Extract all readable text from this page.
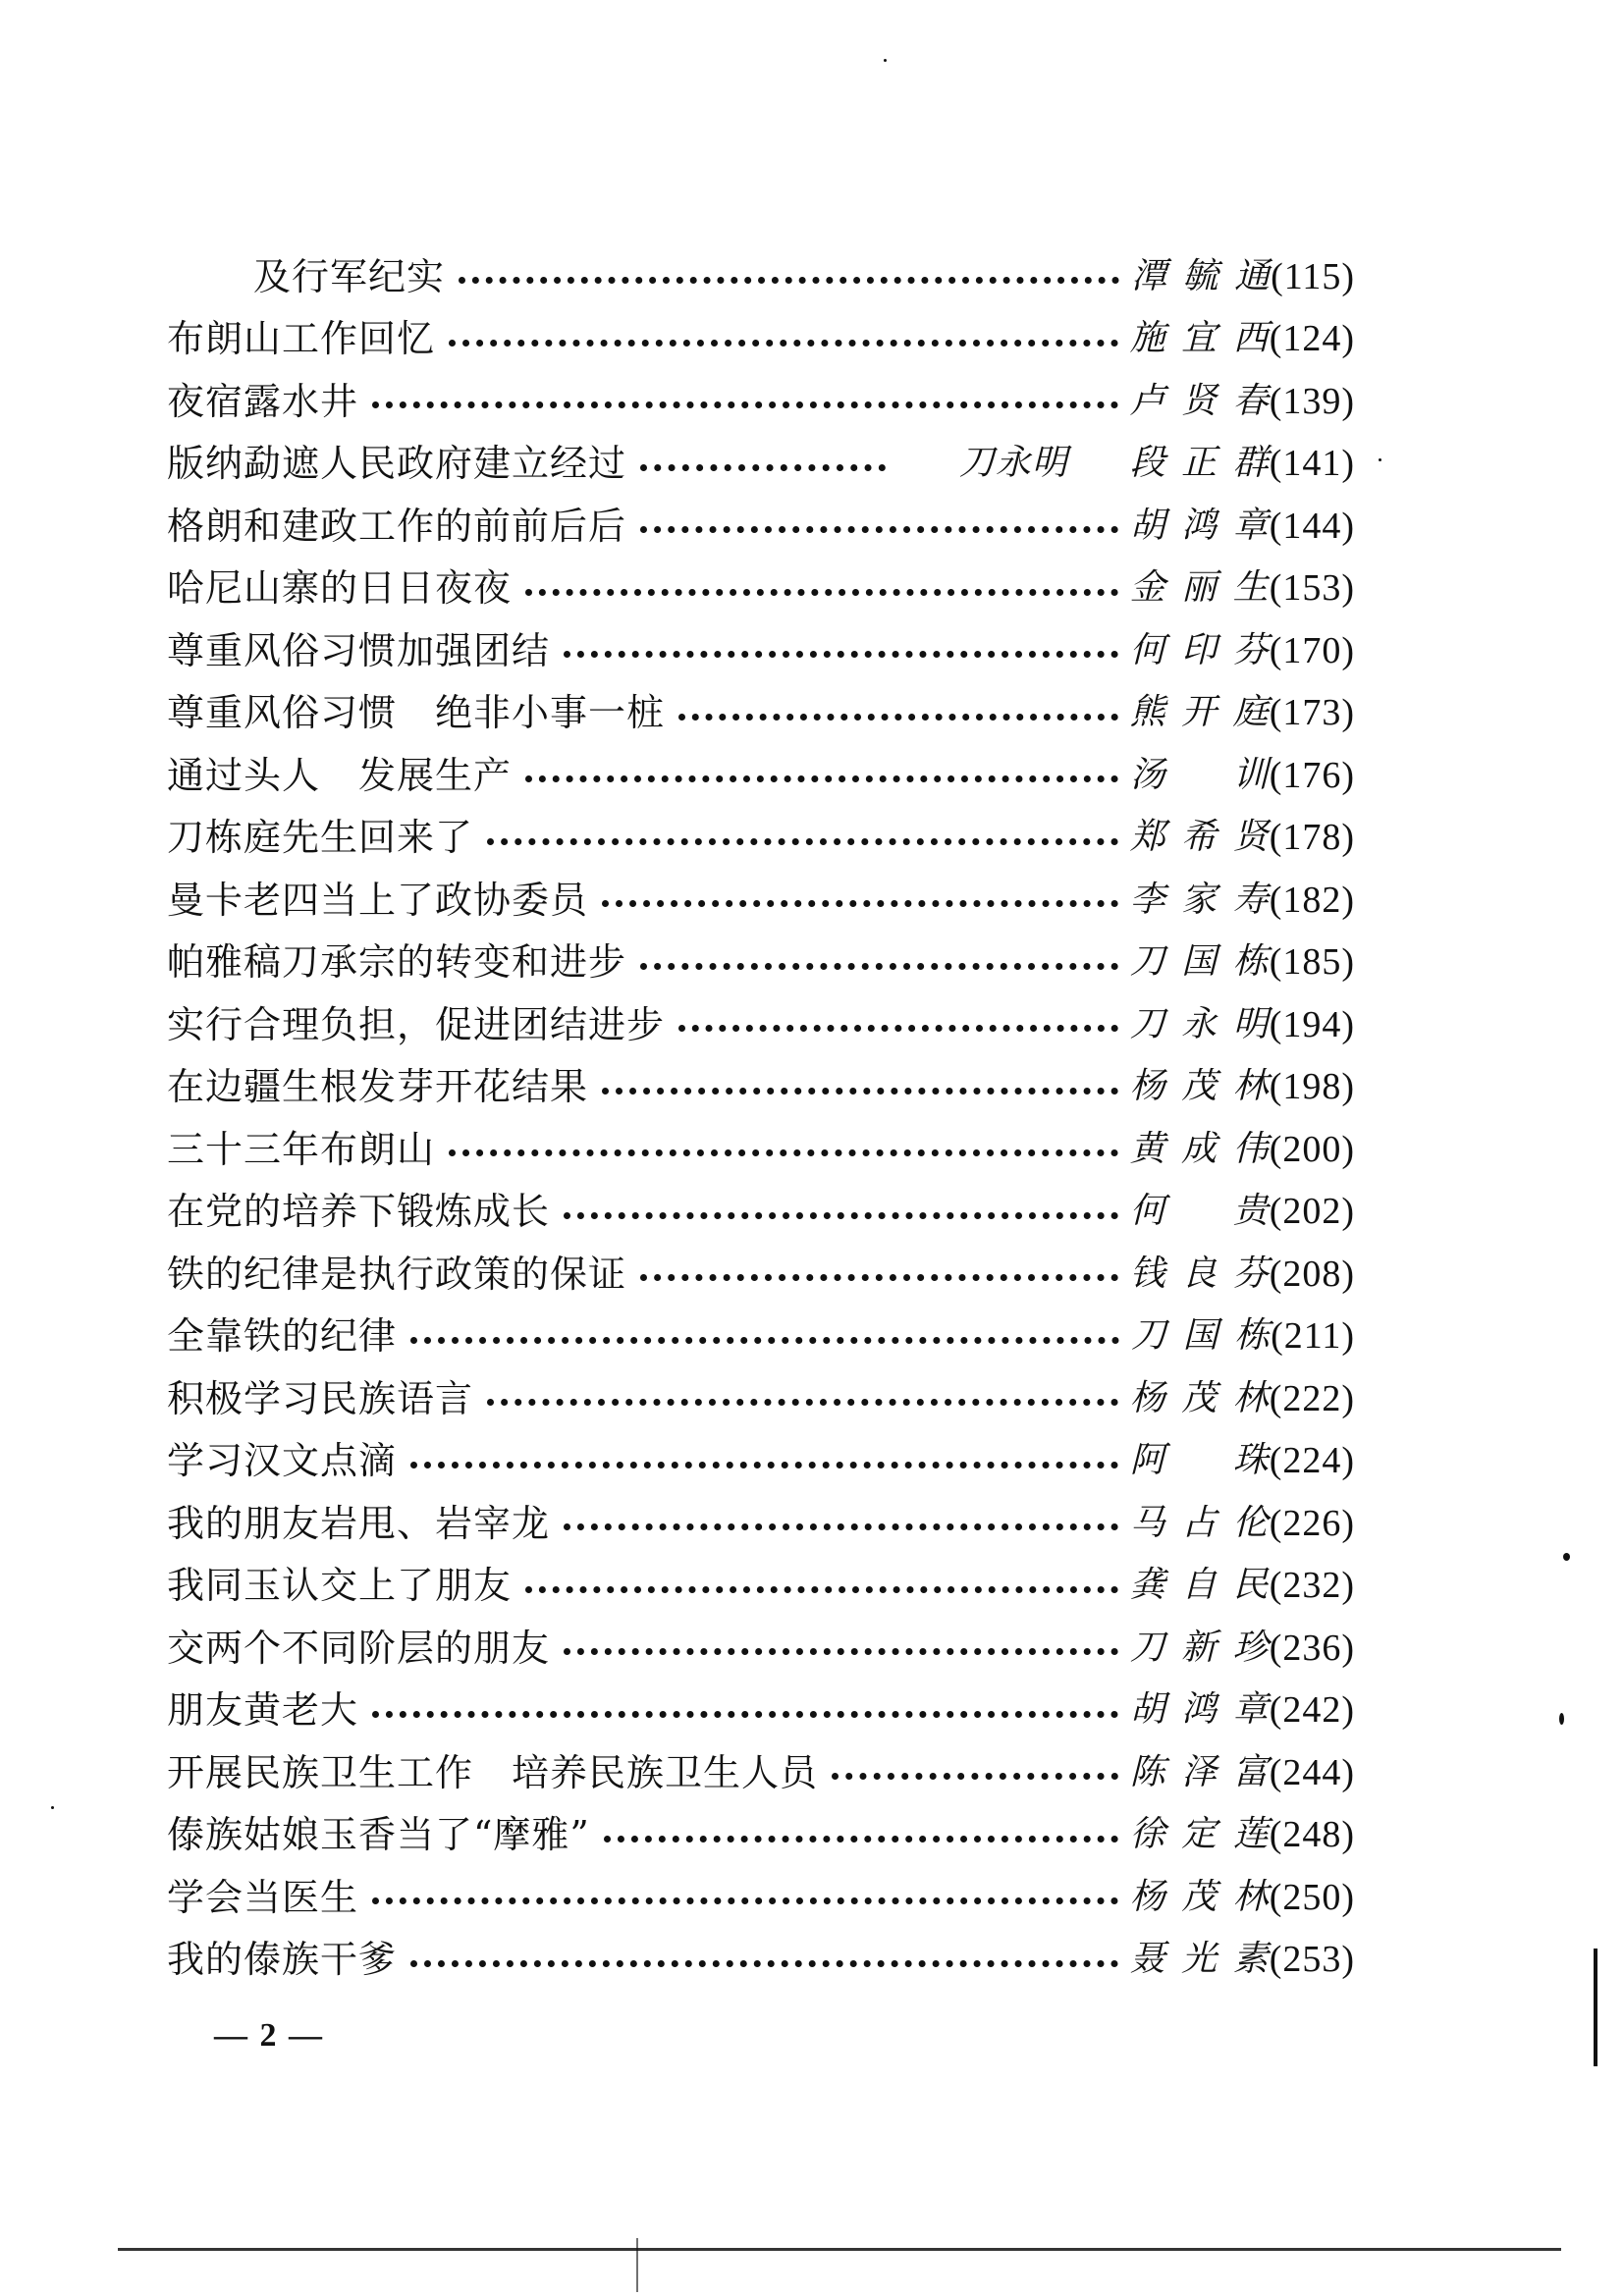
及行军纪实	潭毓通 (115)
布朗山工作回忆	施宜西 (124)
夜宿露水井	卢贤春 (139)
版纳勐遮人民政府建立经过	刀永明	段正群 (141)
格朗和建政工作的前前后后	胡鸿章 (144)
哈尼山寨的日日夜夜	金丽生 (153)
尊重风俗习惯加强团结	何印芬 (170)
尊重风俗习惯　绝非小事一桩	熊开庭 (173)
通过头人　发展生产	汤　训 (176)
刀栋庭先生回来了	郑希贤 (178)
曼卡老四当上了政协委员	李家寿 (182)
帕雅稿刀承宗的转变和进步	刀国栋 (185)
实行合理负担，促进团结进步	刀永明 (194)
在边疆生根发芽开花结果	杨茂林 (198)
三十三年布朗山	黄成伟 (200)
在党的培养下锻炼成长	何　贵 (202)
铁的纪律是执行政策的保证	钱良芬 (208)
全靠铁的纪律	刀国栋 (211)
积极学习民族语言	杨茂林 (222)
学习汉文点滴	阿　珠 (224)
我的朋友岩甩、岩宰龙	马占伦 (226)
我同玉认交上了朋友	龚自民 (232)
交两个不同阶层的朋友	刀新珍 (236)
朋友黄老大	胡鸿章 (242)
开展民族卫生工作　培养民族卫生人员	陈泽富 (244)
傣族姑娘玉香当了“摩雅”	徐定莲 (248)
学会当医生	杨茂林 (250)
我的傣族干爹	聂光素 (253)
— 2 —
